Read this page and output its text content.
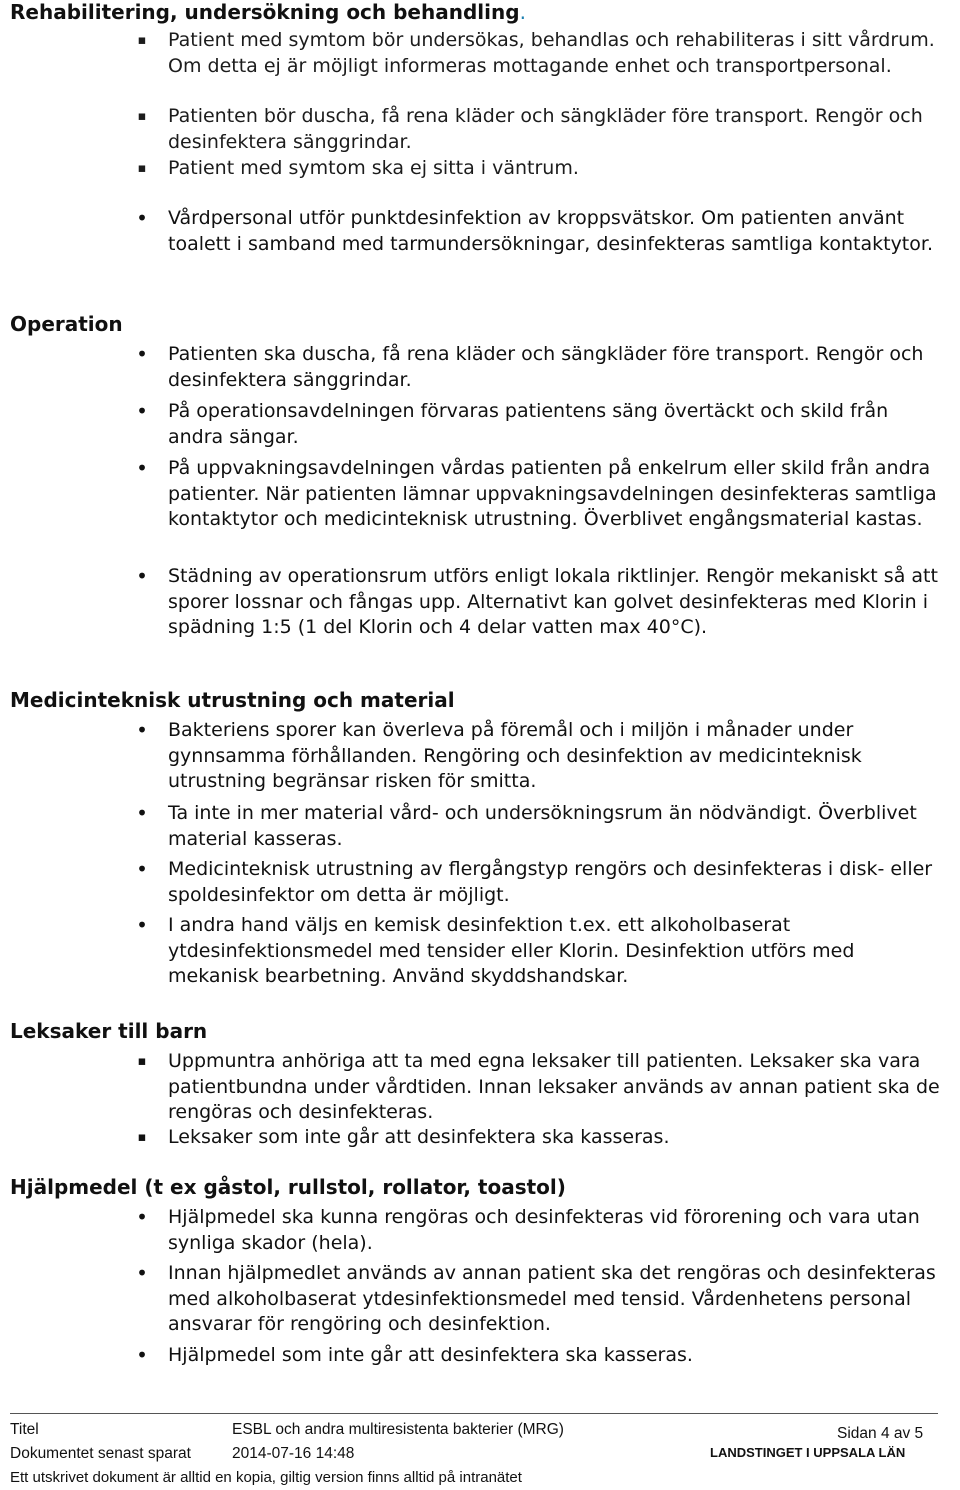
Rehabilitering, undersökning och behandling.
▪ Patient med symtom bör undersökas, behandlas och rehabiliteras i sitt vårdrum. Om detta ej är möjligt informeras mottagande enhet och transportpersonal.
▪ Patienten bör duscha, få rena kläder och sängkläder före transport. Rengör och desinfektera sänggrindar.
▪ Patient med symtom ska ej sitta i väntrum.
• Vårdpersonal utför punktdesinfektion av kroppsvätskor. Om patienten använt toalett i samband med tarmundersökningar, desinfekteras samtliga kontaktytor.
Operation
• Patienten ska duscha, få rena kläder och sängkläder före transport. Rengör och desinfektera sänggrindar.
• På operationsavdelningen förvaras patientens säng övertäckt och skild från andra sängar.
• På uppvakningsavdelningen vårdas patienten på enkelrum eller skild från andra patienter. När patienten lämnar uppvakningsavdelningen desinfekteras samtliga kontaktytor och medicinteknisk utrustning. Överblivet engångsmaterial kastas.
• Städning av operationsrum utförs enligt lokala riktlinjer. Rengör mekaniskt så att sporer lossnar och fångas upp. Alternativt kan golvet desinfekteras med Klorin i spädning 1:5 (1 del Klorin och 4 delar vatten max 40°C).
Medicinteknisk utrustning och material
• Bakteriens sporer kan överleva på föremål och i miljön i månader under gynnsamma förhållanden. Rengöring och desinfektion av medicinteknisk utrustning begränsar risken för smitta.
• Ta inte in mer material vård- och undersökningsrum än nödvändigt. Överblivet material kasseras.
• Medicinteknisk utrustning av flergångstyp rengörs och desinfekteras i disk- eller spoldesinfektor om detta är möjligt.
• I andra hand väljs en kemisk desinfektion t.ex. ett alkoholbaserat ytdesinfektionsmedel med tensider eller Klorin. Desinfektion utförs med mekanisk bearbetning. Använd skyddshandskar.
Leksaker till barn
▪ Uppmuntra anhöriga att ta med egna leksaker till patienten. Leksaker ska vara patientbundna under vårdtiden. Innan leksaker används av annan patient ska de rengöras och desinfekteras.
▪ Leksaker som inte går att desinfektera ska kasseras.
Hjälpmedel (t ex gåstol, rullstol, rollator, toastol)
• Hjälpmedel ska kunna rengöras och desinfekteras vid förorening och vara utan synliga skador (hela).
• Innan hjälpmedlet används av annan patient ska det rengöras och desinfekteras med alkoholbaserat ytdesinfektionsmedel med tensid. Vårdenhetens personal ansvarar för rengöring och desinfektion.
• Hjälpmedel som inte går att desinfektera ska kasseras.
Titel	ESBL och andra multiresistenta bakterier (MRG)	Sidan 4 av 5
Dokumentet senast sparat	2014-07-16 14:48	LANDSTINGET I UPPSALA LÄN
Ett utskrivet dokument är alltid en kopia, giltig version finns alltid på intranätet
